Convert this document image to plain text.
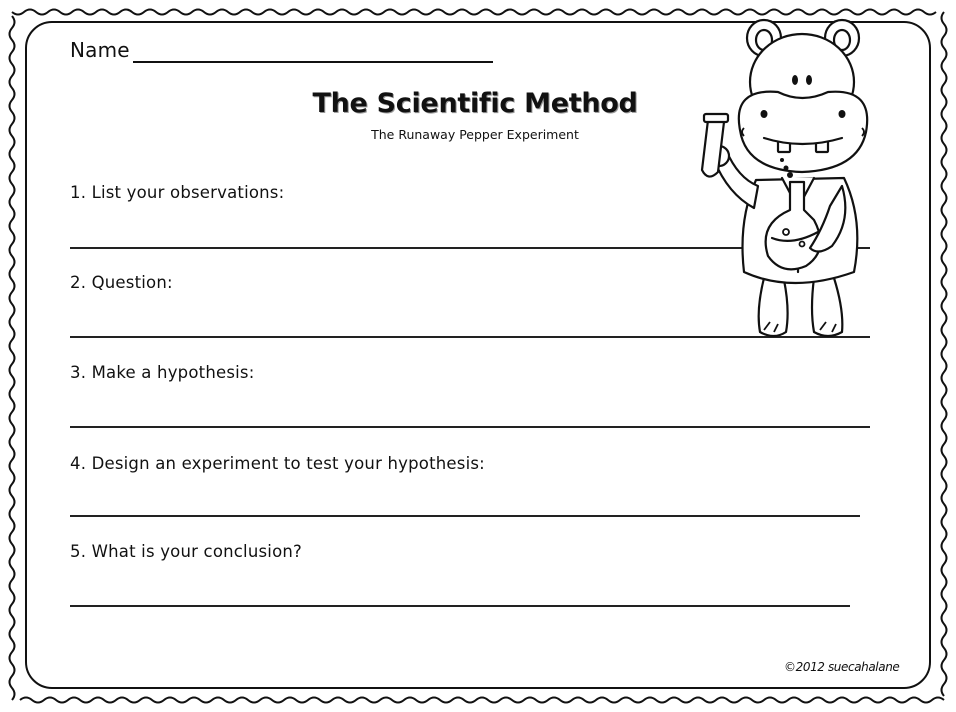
Name
The Scientific Method
The Runaway Pepper Experiment
1. List your observations:
2. Question:
3. Make a hypothesis:
4. Design an experiment to test your hypothesis:
5. What is your conclusion?
©2012 suecahalane
